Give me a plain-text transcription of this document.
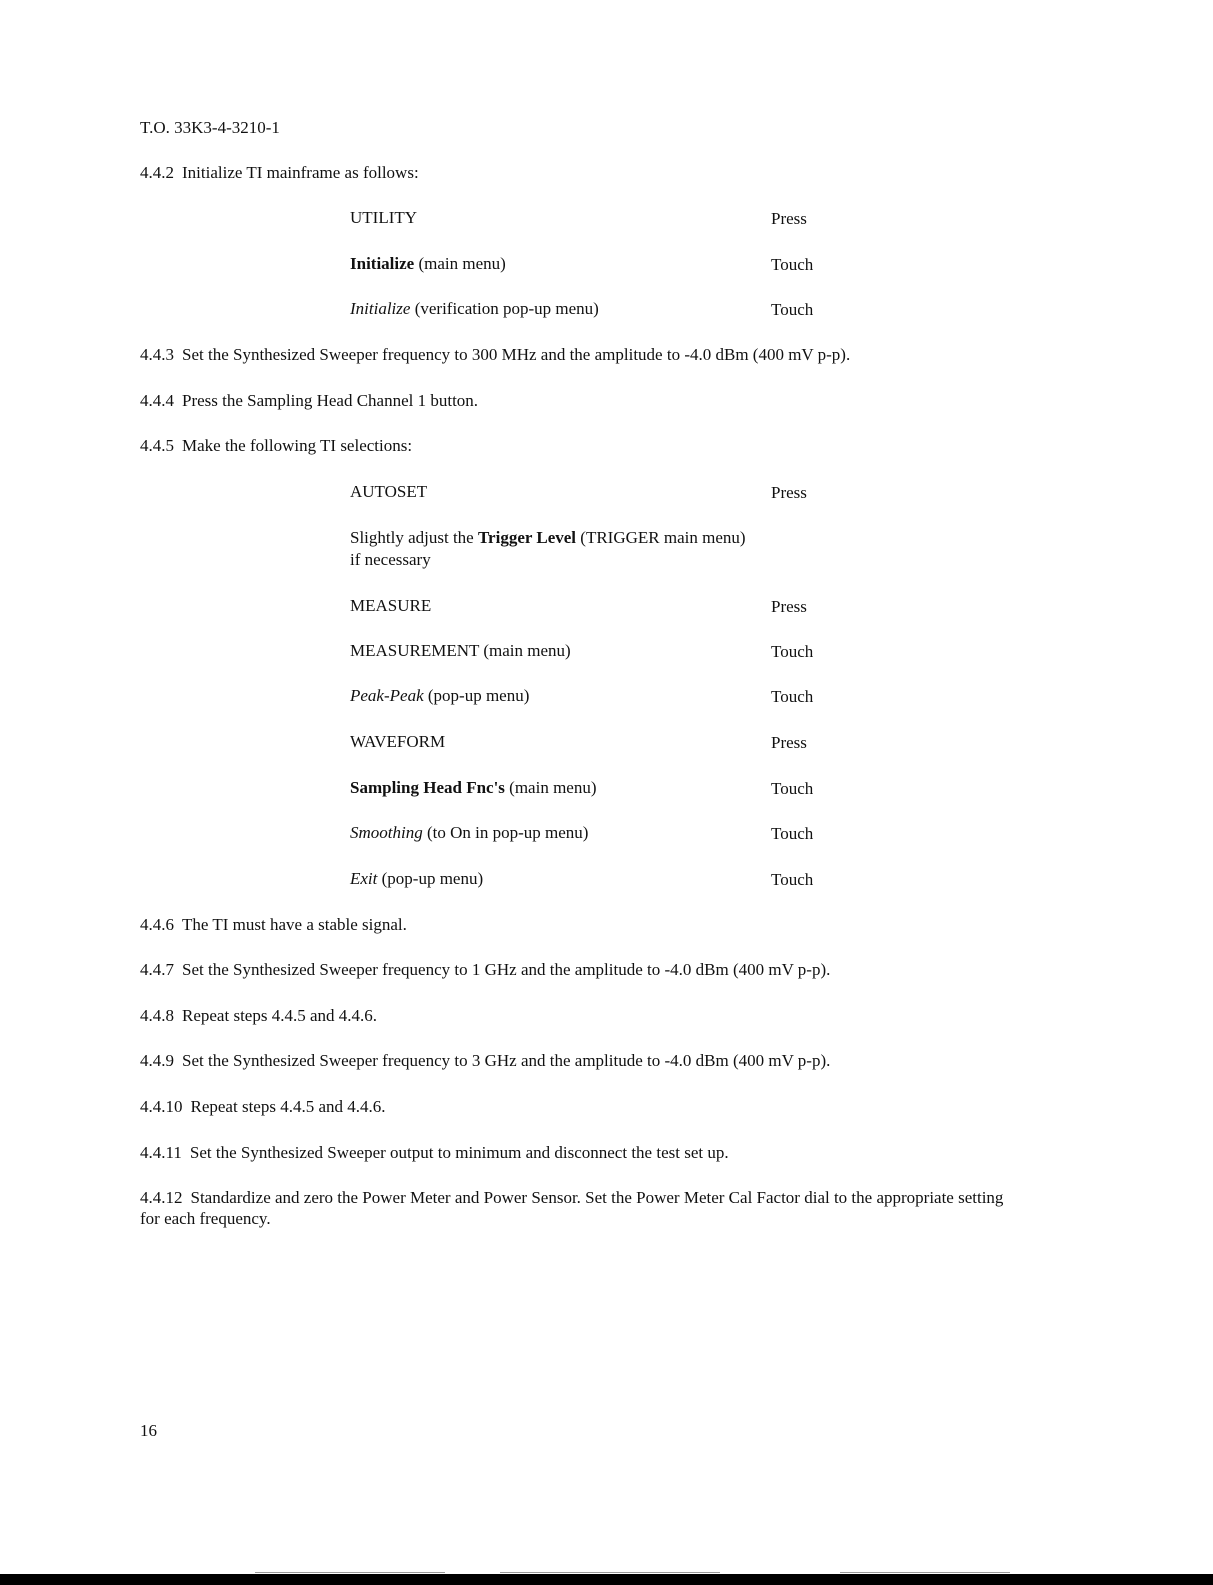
T.O. 33K3-4-3210-1
4.4.2 Initialize TI mainframe as follows:
UTILITY	Press
Initialize (main menu)	Touch
Initialize (verification pop-up menu)	Touch
4.4.3 Set the Synthesized Sweeper frequency to 300 MHz and the amplitude to -4.0 dBm (400 mV p-p).
4.4.4 Press the Sampling Head Channel 1 button.
4.4.5 Make the following TI selections:
AUTOSET	Press
Slightly adjust the Trigger Level (TRIGGER main menu)
if necessary
MEASURE	Press
MEASUREMENT (main menu)	Touch
Peak-Peak (pop-up menu)	Touch
WAVEFORM	Press
Sampling Head Fnc's (main menu)	Touch
Smoothing (to On in pop-up menu)	Touch
Exit (pop-up menu)	Touch
4.4.6 The TI must have a stable signal.
4.4.7 Set the Synthesized Sweeper frequency to 1 GHz and the amplitude to -4.0 dBm (400 mV p-p).
4.4.8 Repeat steps 4.4.5 and 4.4.6.
4.4.9 Set the Synthesized Sweeper frequency to 3 GHz and the amplitude to -4.0 dBm (400 mV p-p).
4.4.10 Repeat steps 4.4.5 and 4.4.6.
4.4.11 Set the Synthesized Sweeper output to minimum and disconnect the test set up.
4.4.12 Standardize and zero the Power Meter and Power Sensor. Set the Power Meter Cal Factor dial to the appropriate setting for each frequency.
16
